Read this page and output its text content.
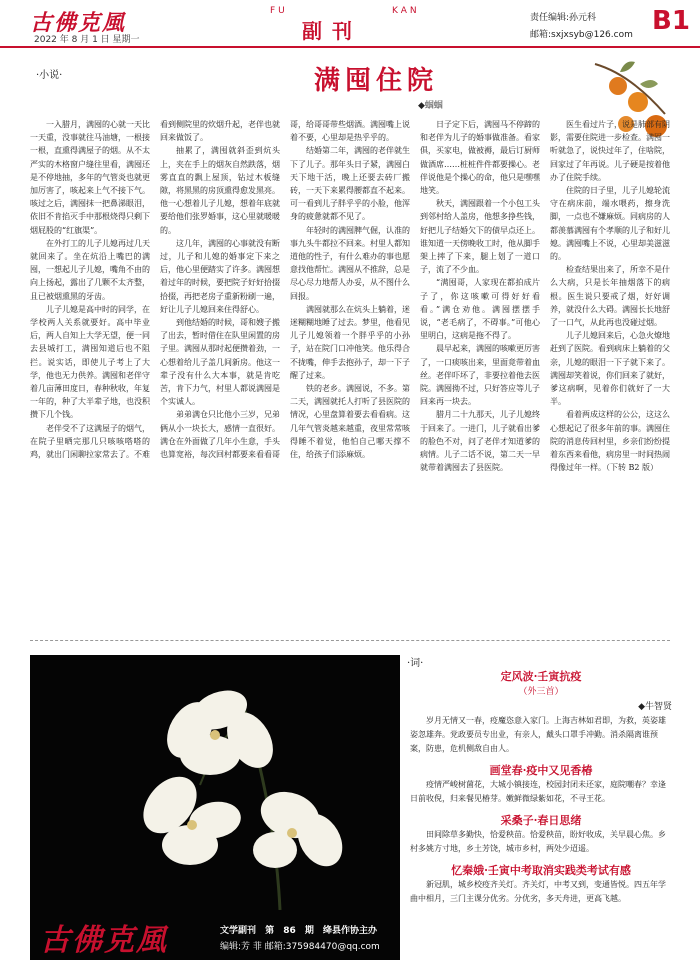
古佛克風
2022 年 8 月 1 日 星期一
FU	KAN
副刊
责任编辑:孙元科
邮箱:sxjxsyb@126.com B1
·小说·	满囤住院
◆蝈蝈

一入腊月，满囤的心就一天比一天重，没事就往马油塘，一根接一根，直熏得满屋子的烟。从不太严实的木格窗户缝往里看，满囤还是不停地抽，多年的气管炎也就更加厉害了，咳起来上气不接下气。咳过之后，满囤抹一把鼻涕眼泪，依旧不肯掐灭手中那根烧得只剩下烟屁股的“红旗渠”。

在外打工的儿子儿媳再过几天就回来了。坐在炕沿上嘴巴的满囤，一想起儿子儿媳，嘴角不由的向上扬起，露出了几颗不太齐整，且已被烟熏黑的牙齿。

儿子儿媳是高中时的同学，在学校两人关系就要好。高中毕业后，两人自知上大学无望，便一同去县城打工，满囤知道后也不阻拦。说实话，即使儿子考上了大学，他也无力供养。满囤和老伴守着几亩薄田度日，春种秋收，年复一年的，种了大半辈子地，也没积攒下几个钱。

老伴受不了这满屋子的烟气，在院子里晒完那几只咳咳嗒嗒的鸡，就出门闲聊拉家常去了。不难看到侧院里的炊烟升起，老伴也就回来做饭了。

抽累了，满囤就斜歪到炕头上，夹在手上的烟灰自然跌落，烟雾直直的飘上屋顶，钻过木板缝隙，将黑黑的房顶熏得愈发黑亮。他一心想着儿子儿媳，想着年底就要给他们张罗婚事，这心里就暖暖的。

这几年，满囤的心事就没有断过，儿子和儿媳的婚事定下来之后，他心里便踏实了许多。满囤想着过年的时候，要把院子好好拾掇拾掇，再把老房子重新粉刷一遍，好让儿子儿媳回来住得舒心。

到他结婚的时候，哥和嫂子搬了出去，暂时借住在队里闲置的房子里。满囤从那时起便攒着劲，一心想着给儿子盖几间新房。他这一辈子没有什么大本事，就是肯吃苦，肯下力气，村里人都说满囤是个实诚人。

弟弟满仓只比他小三岁，兄弟俩从小一块长大，感情一直很好。满仓在外面做了几年小生意，手头也算宽裕，每次回村都要来看看哥哥，给哥哥带些烟酒。满囤嘴上说着不要，心里却是热乎乎的。

结婚第二年，满囤的老伴就生下了儿子。那年头日子紧，满囤白天下地干活，晚上还要去砖厂搬砖，一天下来累得腰都直不起来。可一看到儿子胖乎乎的小脸，他浑身的疲惫就都不见了。

年轻时的满囤脾气倔，认准的事九头牛都拉不回来。村里人都知道他的性子，有什么难办的事也愿意找他帮忙。满囤从不推辞，总是尽心尽力地帮人办妥，从不图什么回报。

满囤就那么在炕头上躺着，迷迷糊糊地睡了过去。梦里，他看见儿子儿媳领着一个胖乎乎的小孙子，站在院门口冲他笑。他乐得合不拢嘴，伸手去抱孙子，却一下子醒了过来。

铁的老乡。满囤说，不多。第二天，满囤就托人打听了县医院的情况，心里盘算着要去看看病。这几年气管炎越来越重，夜里常常咳得睡不着觉，他怕自己哪天撑不住，给孩子们添麻烦。

日子定下后，满囤马不停蹄的和老伴为儿子的婚事做准备。看家俱，买家电，做被褥，最后订厨师做酒席……桩桩件件都要操心。老伴说他是个操心的命，他只是嘿嘿地笑。

秋天，满囤跟着一个小包工头到邻村给人盖房，他想多挣些钱，好把儿子结婚欠下的债早点还上。谁知道一天傍晚收工时，他从脚手架上摔了下来，腿上划了一道口子，流了不少血。

“满囤哥，人家现在都拍成片子了，你这咳嗽可得好好看看。”满仓劝他。满囤摆摆手说，“老毛病了，不碍事。”可他心里明白，这病是拖不得了。

晨早起来，满囤的咳嗽更厉害了，一口痰咳出来，里面竟带着血丝。老伴吓坏了，非要拉着他去医院。满囤拗不过，只好答应等儿子回来再一块去。

腊月二十九那天，儿子儿媳终于回来了。一进门，儿子就看出爹的脸色不对，问了老伴才知道爹的病情。儿子二话不说，第二天一早就带着满囤去了县医院。

医生看过片子，说是肺部有阴影，需要住院进一步检查。满囤一听就急了，说快过年了，住啥院，回家过了年再说。儿子硬是按着他办了住院手续。

住院的日子里，儿子儿媳轮流守在病床前，端水喂药，擦身洗脚，一点也不嫌麻烦。同病房的人都羡慕满囤有个孝顺的儿子和好儿媳。满囤嘴上不说，心里却美滋滋的。

检查结果出来了，所幸不是什么大病，只是长年抽烟落下的病根。医生说只要戒了烟，好好调养，就没什么大碍。满囤长长地舒了一口气，从此再也没碰过烟。

儿子儿媳回来后，心急火燎地赶到了医院。看到病床上躺着的父亲，儿媳的眼泪一下子就下来了。满囤却笑着说，你们回来了就好，爹这病啊，见着你们就好了一大半。

看着两成这样的公公，这这么心想起记了很多年前的事。满囤住院的消息传回村里，乡亲们纷纷提着东西来看他，病房里一时间热闹得像过年一样。（下转 B2 版）

古佛克風	文学副刊 第 86 期 绛县作协主办
编辑:芳 菲 邮箱:375984470@qq.com
·词·

定风波·壬寅抗疫

（外三首）

◆牛智贤

岁月无情又一春，疫魔恣意入家门。上海吉林如君即，为救，英姿雄姿忽雄奔。党政要员专出业，有亲人，戴头口罩手冲勤。消杀隔离谁预案，防患，危机侧敌自由人。

画堂春·疫中又见香椿

疫情严峻树菌花，大城小镇接连，校园封闭未还家，庭院嘲春？幸逢日前收倪，归来餐见椿芽。嫩鲜微绿紫如花，不寻王花。

采桑子·春日思绪

田间除草多勤快，恰爱秧苗。恰爱秧苗，盼好收成，关早晨心焦。乡村多姚方寸地，乡土芳饶，城市乡村，两处少迢遥。

忆秦娥·壬寅中考取消实践类考试有感

新冠肌，城乡校疫齐关灯。齐关灯，中考又到，变通皆悦。四五年学曲中相月，三门主课分优劣。分优劣，多天舟进，更高飞越。
